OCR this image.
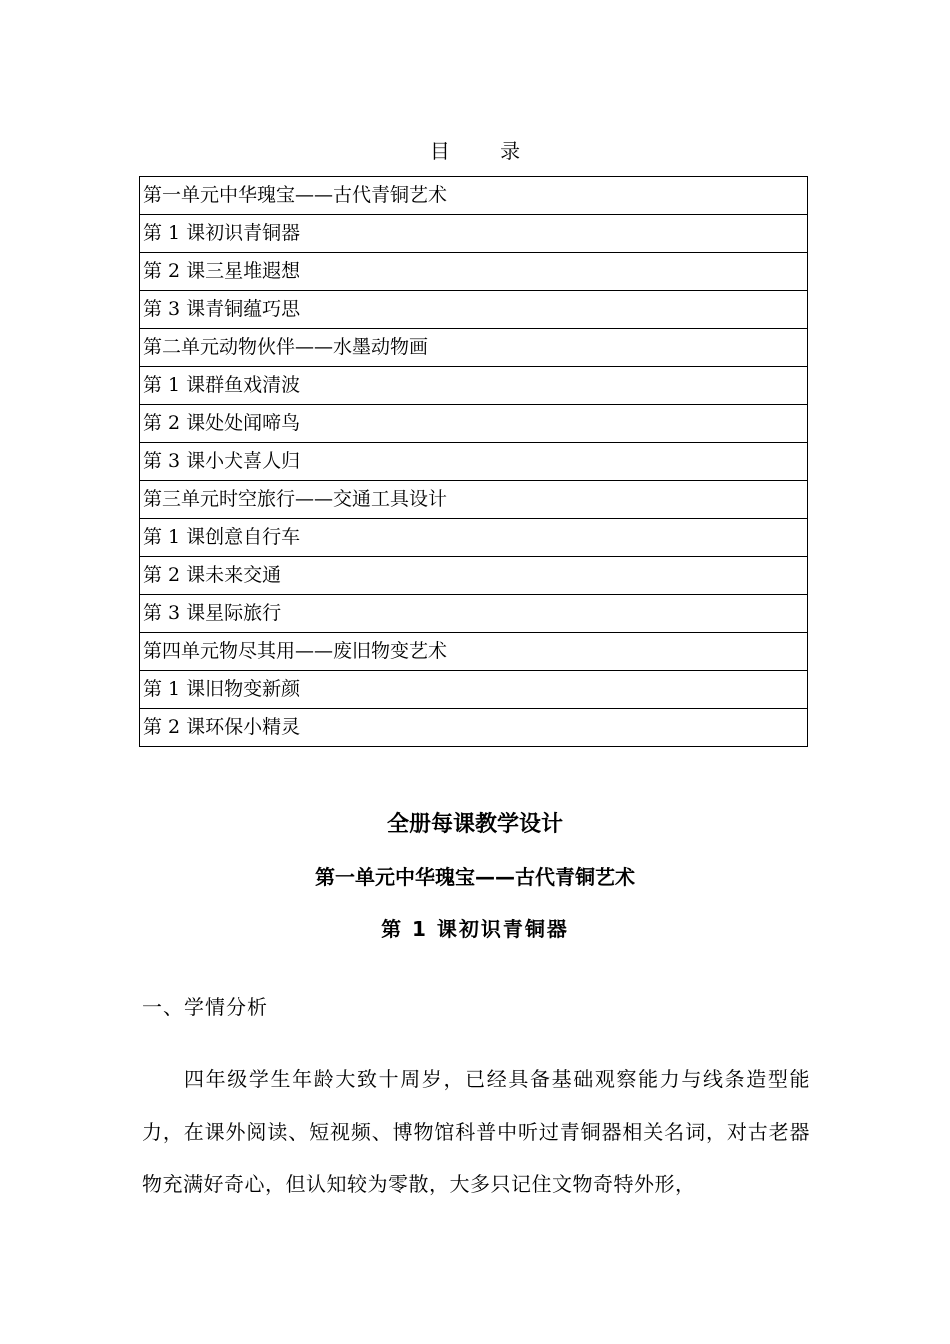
目 录
第一单元中华瑰宝——古代青铜艺术
第 1 课初识青铜器
第 2 课三星堆遐想
第 3 课青铜蕴巧思
第二单元动物伙伴——水墨动物画
第 1 课群鱼戏清波
第 2 课处处闻啼鸟
第 3 课小犬喜人归
第三单元时空旅行——交通工具设计
第 1 课创意自行车
第 2 课未来交通
第 3 课星际旅行
第四单元物尽其用——废旧物变艺术
第 1 课旧物变新颜
第 2 课环保小精灵
全册每课教学设计
第一单元中华瑰宝——古代青铜艺术
第 1 课初识青铜器
一、学情分析
四年级学生年龄大致十周岁，已经具备基础观察能力与线条造型能力，在课外阅读、短视频、博物馆科普中听过青铜器相关名词，对古老器物充满好奇心，但认知较为零散，大多只记住文物奇特外形，
